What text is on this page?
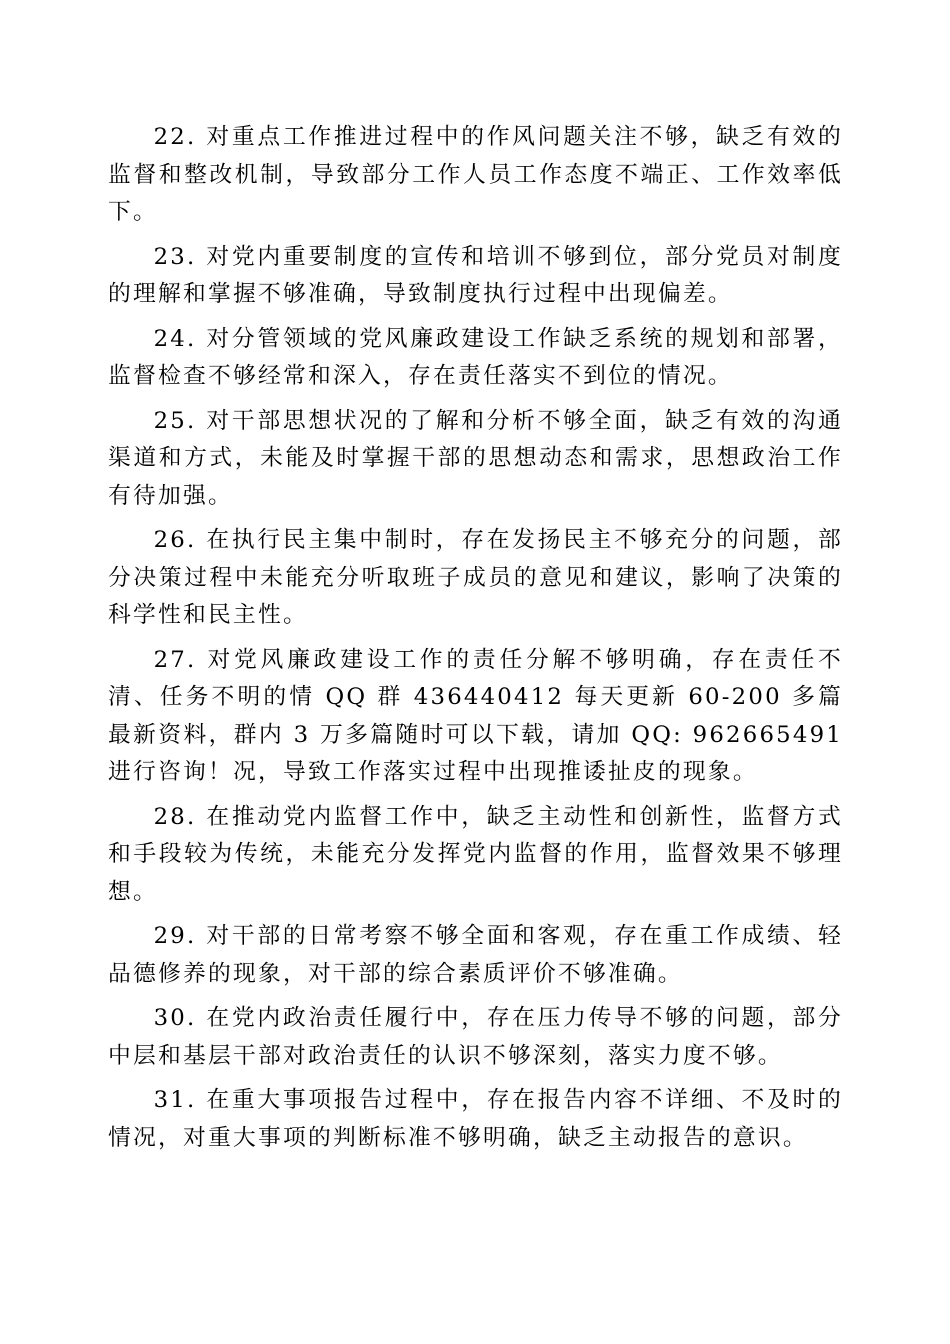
22. 对重点工作推进过程中的作风问题关注不够，缺乏有效的监督和整改机制，导致部分工作人员工作态度不端正、工作效率低下。

23. 对党内重要制度的宣传和培训不够到位，部分党员对制度的理解和掌握不够准确，导致制度执行过程中出现偏差。

24. 对分管领域的党风廉政建设工作缺乏系统的规划和部署，监督检查不够经常和深入，存在责任落实不到位的情况。

25. 对干部思想状况的了解和分析不够全面，缺乏有效的沟通渠道和方式，未能及时掌握干部的思想动态和需求，思想政治工作有待加强。

26. 在执行民主集中制时，存在发扬民主不够充分的问题，部分决策过程中未能充分听取班子成员的意见和建议，影响了决策的科学性和民主性。

27. 对党风廉政建设工作的责任分解不够明确，存在责任不清、任务不明的情 QQ 群 436440412 每天更新 60-200 多篇最新资料，群内 3 万多篇随时可以下载，请加 QQ: 962665491 进行咨询！况，导致工作落实过程中出现推诿扯皮的现象。

28. 在推动党内监督工作中，缺乏主动性和创新性，监督方式和手段较为传统，未能充分发挥党内监督的作用，监督效果不够理想。

29. 对干部的日常考察不够全面和客观，存在重工作成绩、轻品德修养的现象，对干部的综合素质评价不够准确。

30. 在党内政治责任履行中，存在压力传导不够的问题，部分中层和基层干部对政治责任的认识不够深刻，落实力度不够。

31. 在重大事项报告过程中，存在报告内容不详细、不及时的情况，对重大事项的判断标准不够明确，缺乏主动报告的意识。
